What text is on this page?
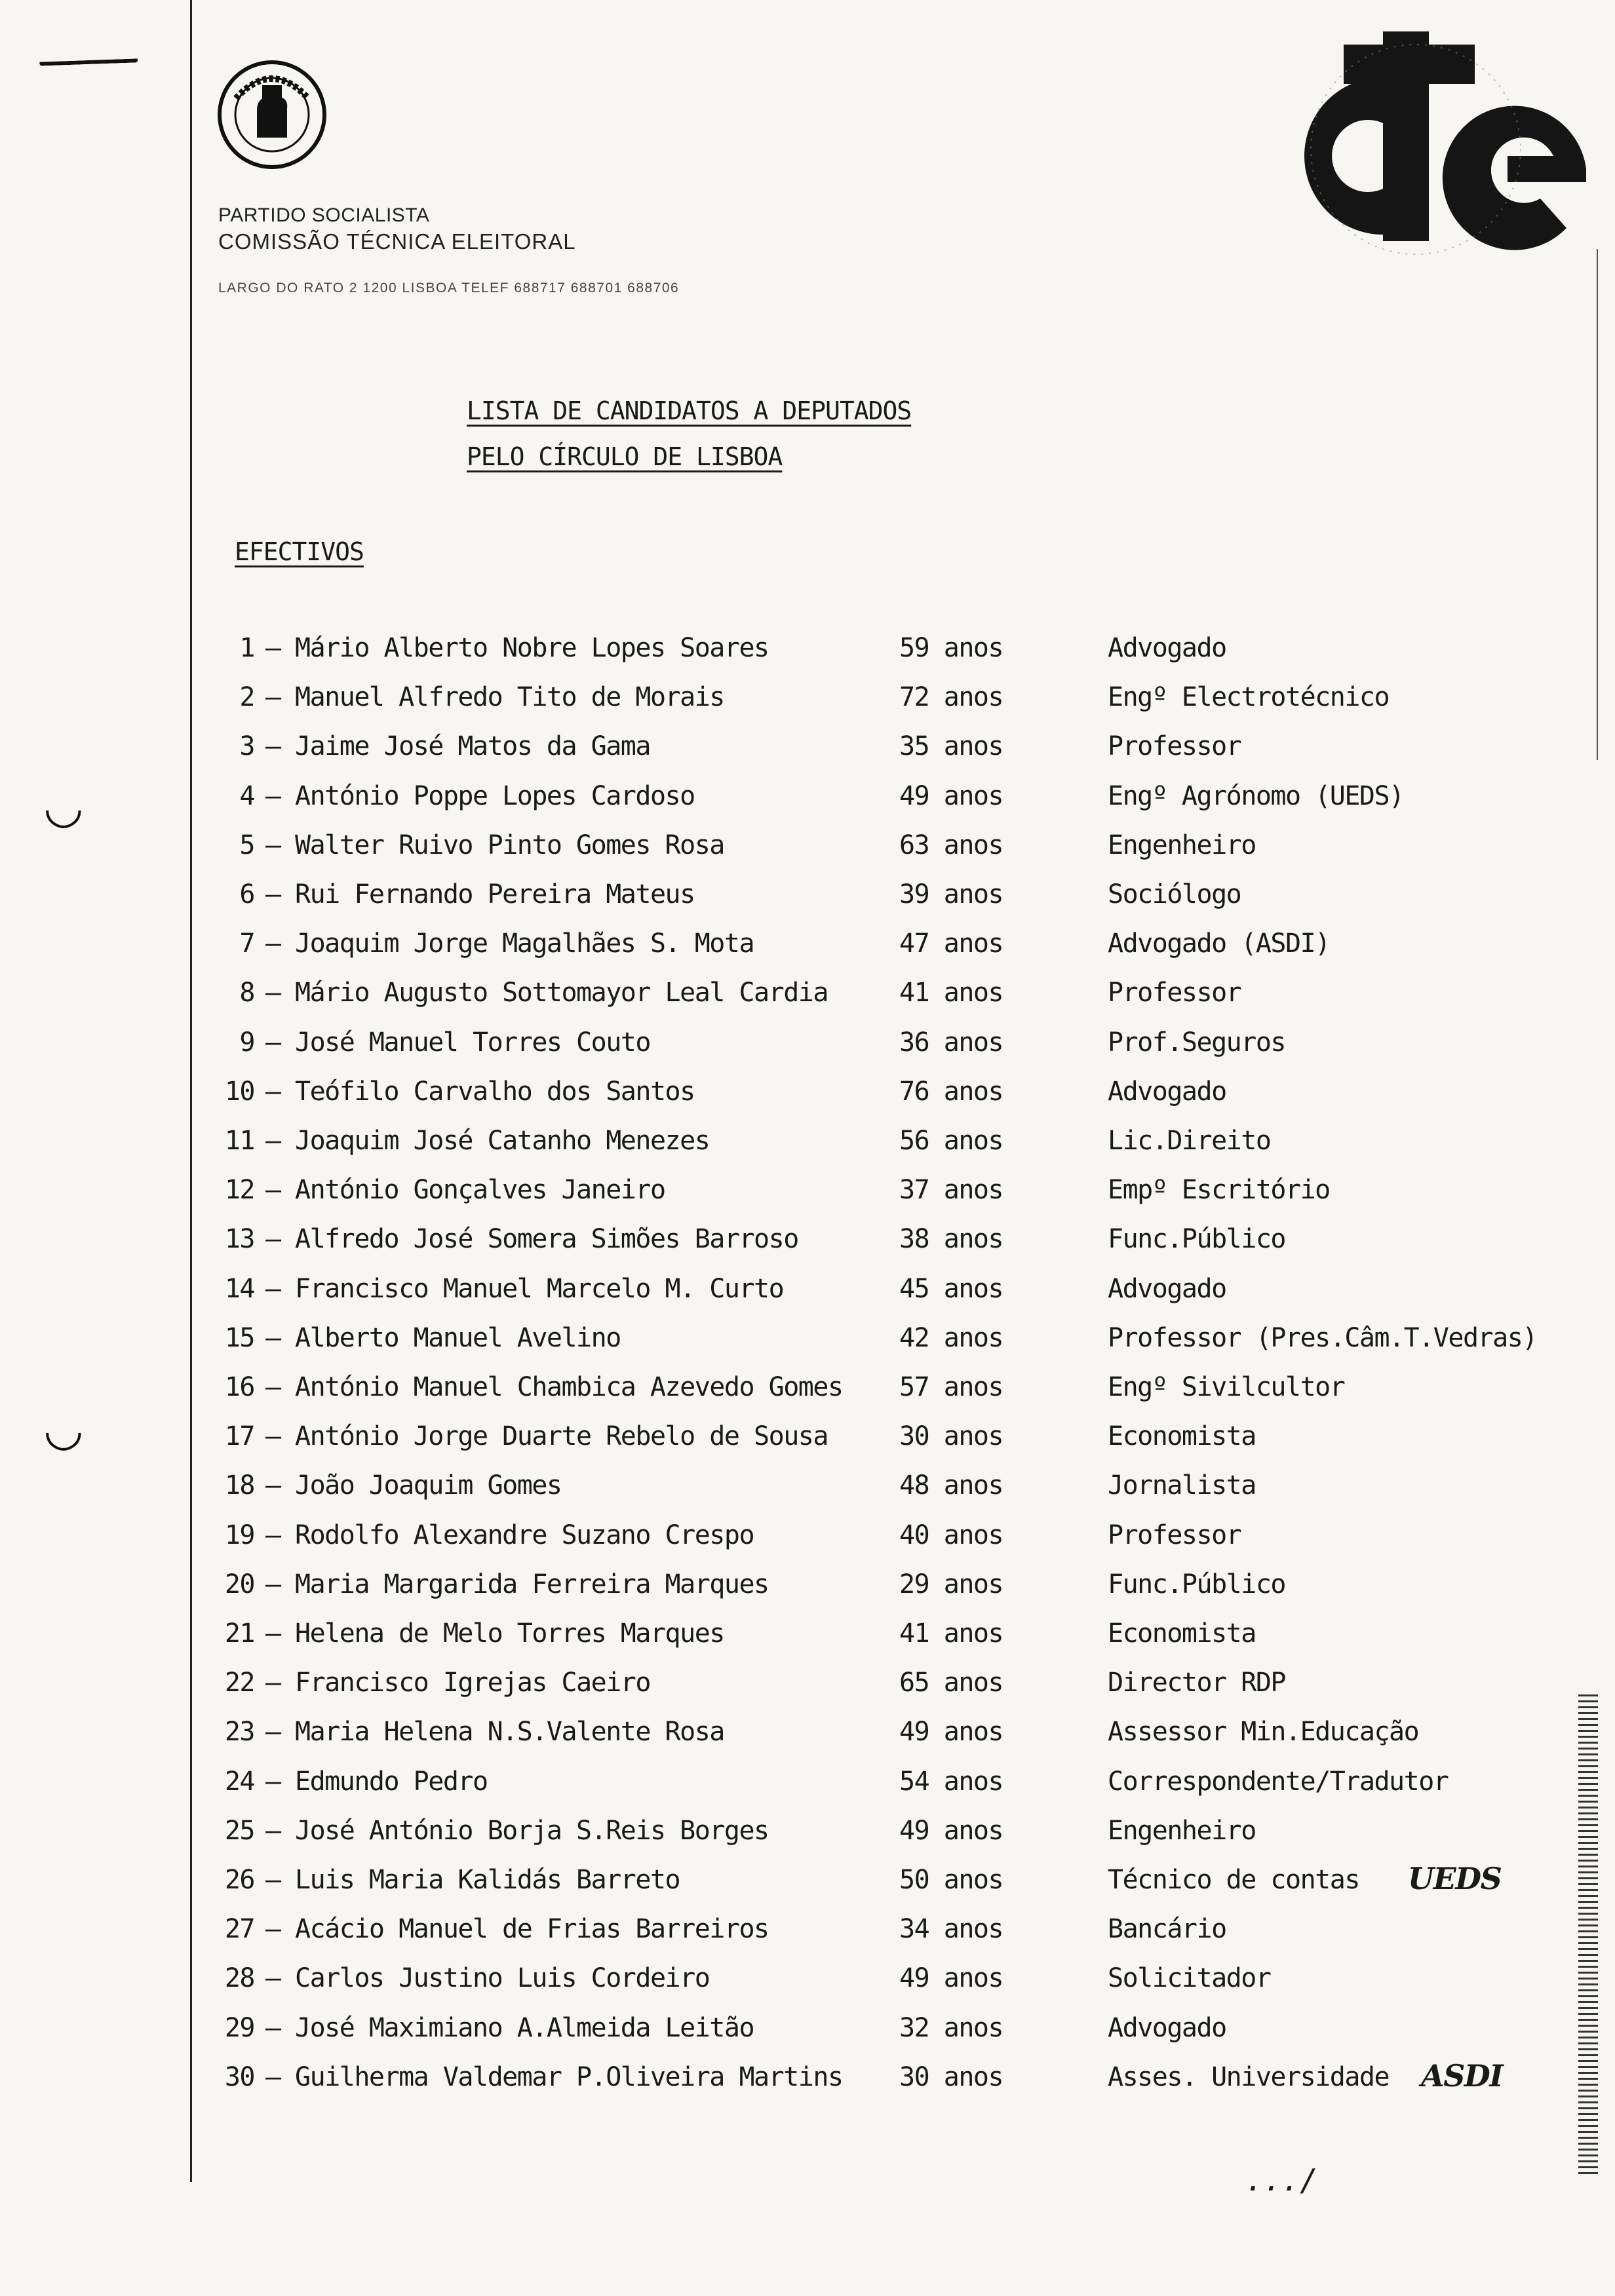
◡
◡
PARTIDO SOCIALISTA
COMISSÃO TÉCNICA ELEITORAL
LARGO DO RATO 2 1200 LISBOA TELEF 688717 688701 688706
LISTA DE CANDIDATOS A DEPUTADOS
PELO CÍRCULO DE LISBOA
EFECTIVOS
1 – Mário Alberto Nobre Lopes Soares	59 anos	Advogado
2 – Manuel Alfredo Tito de Morais	72 anos	Engº Electrotécnico
3 – Jaime José Matos da Gama	35 anos	Professor
4 – António Poppe Lopes Cardoso	49 anos	Engº Agrónomo (UEDS)
5 – Walter Ruivo Pinto Gomes Rosa	63 anos	Engenheiro
6 – Rui Fernando Pereira Mateus	39 anos	Sociólogo
7 – Joaquim Jorge Magalhães S. Mota	47 anos	Advogado (ASDI)
8 – Mário Augusto Sottomayor Leal Cardia	41 anos	Professor
9 – José Manuel Torres Couto	36 anos	Prof.Seguros
10 – Teófilo Carvalho dos Santos	76 anos	Advogado
11 – Joaquim José Catanho Menezes	56 anos	Lic.Direito
12 – António Gonçalves Janeiro	37 anos	Empº Escritório
13 – Alfredo José Somera Simões Barroso	38 anos	Func.Público
14 – Francisco Manuel Marcelo M. Curto	45 anos	Advogado
15 – Alberto Manuel Avelino	42 anos	Professor (Pres.Câm.T.Vedras)
16 – António Manuel Chambica Azevedo Gomes 57 anos	Engº Sivilcultor
17 – António Jorge Duarte Rebelo de Sousa	30 anos	Economista
18 – João Joaquim Gomes	48 anos	Jornalista
19 – Rodolfo Alexandre Suzano Crespo	40 anos	Professor
20 – Maria Margarida Ferreira Marques	29 anos	Func.Público
21 – Helena de Melo Torres Marques	41 anos	Economista
22 – Francisco Igrejas Caeiro	65 anos	Director RDP
23 – Maria Helena N.S.Valente Rosa	49 anos	Assessor Min.Educação
24 – Edmundo Pedro	54 anos	Correspondente/Tradutor
25 – José António Borja S.Reis Borges	49 anos	Engenheiro
26 – Luis Maria Kalidás Barreto	50 anos	Técnico de contas UEDS
27 – Acácio Manuel de Frias Barreiros	34 anos	Bancário
28 – Carlos Justino Luis Cordeiro	49 anos	Solicitador
29 – José Maximiano A.Almeida Leitão	32 anos	Advogado
30 – Guilherma Valdemar P.Oliveira Martins 30 anos	Asses. Universidade ASDI
.../
